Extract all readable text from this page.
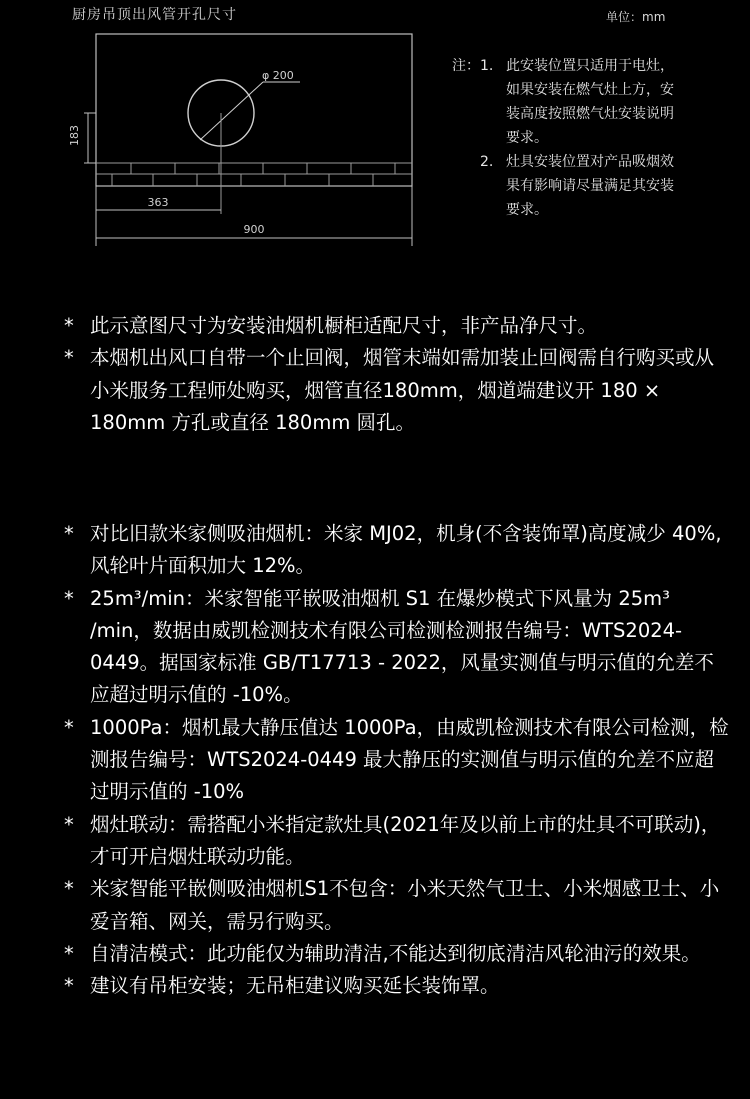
厨房吊顶出风管开孔尺寸	单位：mm
φ 200
183
363
900
注：1. 此安装位置只适用于电灶，如果安装在燃气灶上方，安装高度按照燃气灶安装说明要求。
2. 灶具安装位置对产品吸烟效果有影响请尽量满足其安装要求。
* 此示意图尺寸为安装油烟机橱柜适配尺寸，非产品净尺寸。
* 本烟机出风口自带一个止回阀，烟管末端如需加装止回阀需自行购买或从小米服务工程师处购买，烟管直径180mm，烟道端建议开 180 × 180mm 方孔或直径 180mm 圆孔。
* 对比旧款米家侧吸油烟机：米家 MJ02，机身(不含装饰罩)高度减少 40%, 风轮叶片面积加大 12%。
* 25m³/min：米家智能平嵌吸油烟机 S1 在爆炒模式下风量为 25m³ /min，数据由威凯检测技术有限公司检测检测报告编号：WTS2024-0449。据国家标准 GB/T17713 - 2022，风量实测值与明示值的允差不应超过明示值的 -10%。
* 1000Pa：烟机最大静压值达 1000Pa，由威凯检测技术有限公司检测，检测报告编号：WTS2024-0449 最大静压的实测值与明示值的允差不应超过明示值的 -10%
* 烟灶联动：需搭配小米指定款灶具(2021年及以前上市的灶具不可联动)，才可开启烟灶联动功能。
* 米家智能平嵌侧吸油烟机S1不包含：小米天然气卫士、小米烟感卫士、小爱音箱、网关，需另行购买。
* 自清洁模式：此功能仅为辅助清洁,不能达到彻底清洁风轮油污的效果。
* 建议有吊柜安装；无吊柜建议购买延长装饰罩。
